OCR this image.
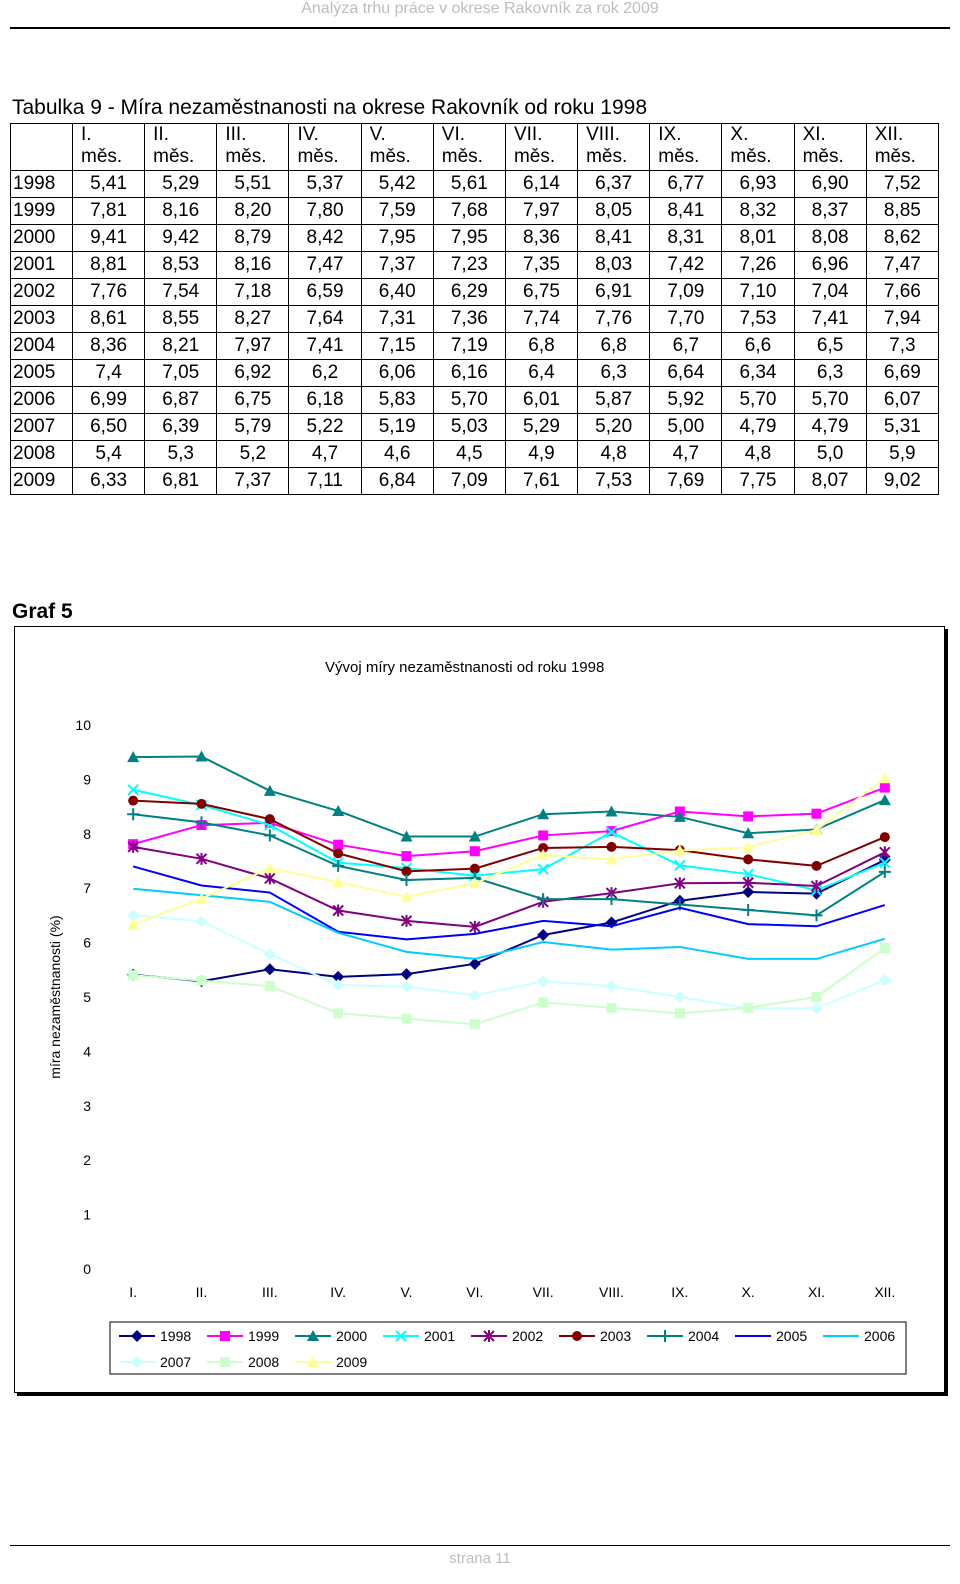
Analýza trhu práce v okrese Rakovník za rok 2009
Tabulka 9 - Míra nezaměstnanosti na okrese Rakovník od roku 1998
	I.
měs.	II.
měs.	III.
měs.	IV.
měs.	V.
měs.	VI.
měs.	VII.
měs.	VIII.
měs.	IX.
měs.	X.
měs.	XI.
měs.	XII.
měs.
1998	5,41	5,29	5,51	5,37	5,42	5,61	6,14	6,37	6,77	6,93	6,90	7,52
1999	7,81	8,16	8,20	7,80	7,59	7,68	7,97	8,05	8,41	8,32	8,37	8,85
2000	9,41	9,42	8,79	8,42	7,95	7,95	8,36	8,41	8,31	8,01	8,08	8,62
2001	8,81	8,53	8,16	7,47	7,37	7,23	7,35	8,03	7,42	7,26	6,96	7,47
2002	7,76	7,54	7,18	6,59	6,40	6,29	6,75	6,91	7,09	7,10	7,04	7,66
2003	8,61	8,55	8,27	7,64	7,31	7,36	7,74	7,76	7,70	7,53	7,41	7,94
2004	8,36	8,21	7,97	7,41	7,15	7,19	6,8	6,8	6,7	6,6	6,5	7,3
2005	7,4	7,05	6,92	6,2	6,06	6,16	6,4	6,3	6,64	6,34	6,3	6,69
2006	6,99	6,87	6,75	6,18	5,83	5,70	6,01	5,87	5,92	5,70	5,70	6,07
2007	6,50	6,39	5,79	5,22	5,19	5,03	5,29	5,20	5,00	4,79	4,79	5,31
2008	5,4	5,3	5,2	4,7	4,6	4,5	4,9	4,8	4,7	4,8	5,0	5,9
2009	6,33	6,81	7,37	7,11	6,84	7,09	7,61	7,53	7,69	7,75	8,07	9,02
Graf 5
Vývoj míry nezaměstnanosti od roku 1998
0
1
2
3
4
5
6
7
8
9
10
míra nezaměstnanosti (%)
I.	II.	III.	IV.	V.	VI.	VII.	VIII.	IX.	X.	XI.	XII.
1998	1999	2000	2001	2002	2003	2004	2005	2006
2007	2008	2009
strana 11
